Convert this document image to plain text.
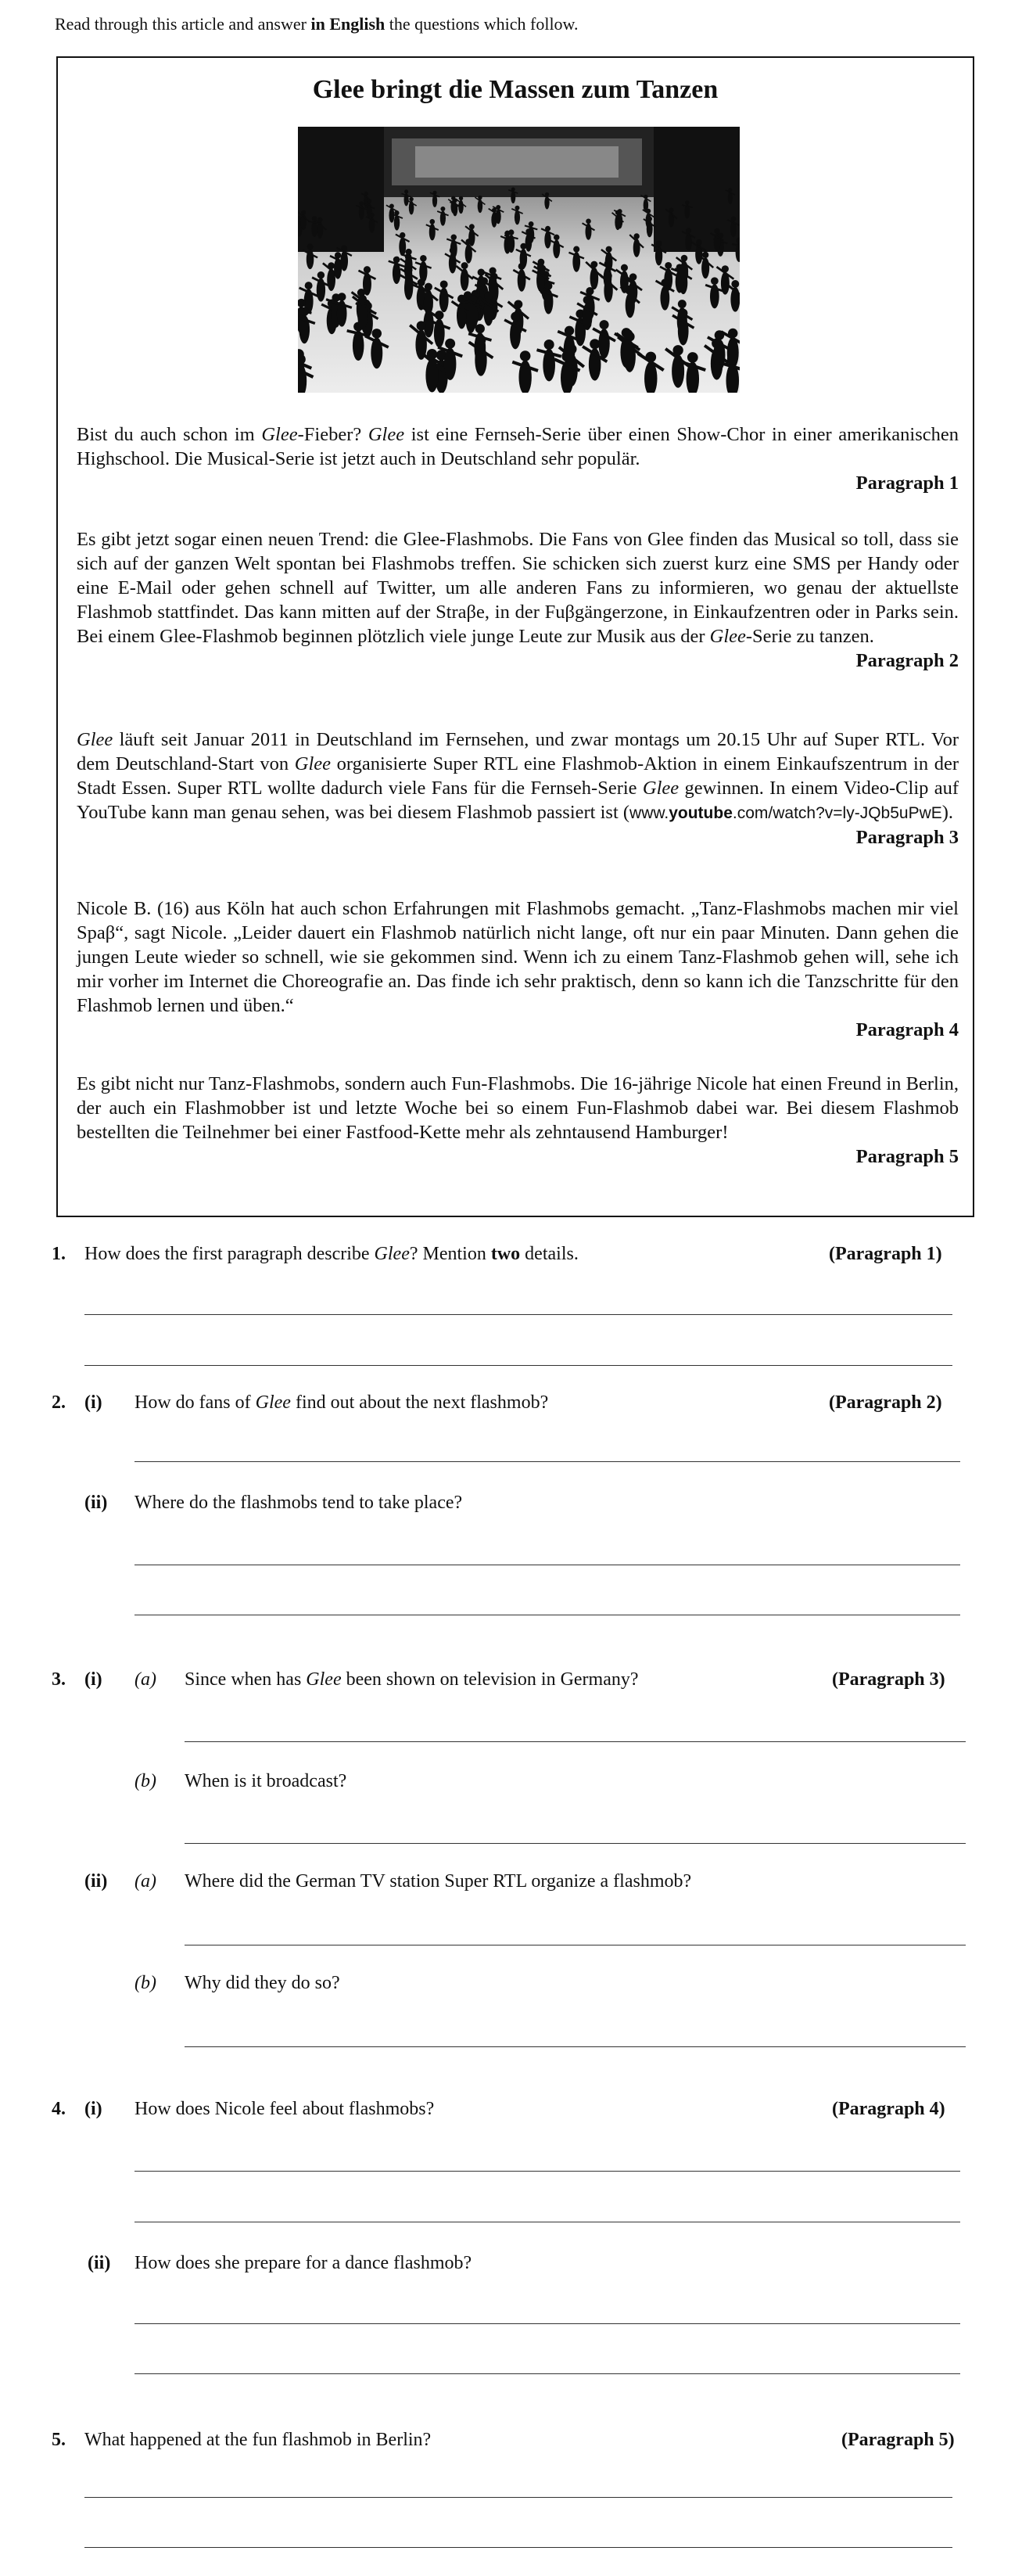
Read through this article and answer in English the questions which follow.
Glee bringt die Massen zum Tanzen

Bist du auch schon im Glee-Fieber? Glee ist eine Fernseh-Serie über einen Show-Chor in einer amerikanischen Highschool. Die Musical-Serie ist jetzt auch in Deutschland sehr populär.

Paragraph 1

Es gibt jetzt sogar einen neuen Trend: die Glee-Flashmobs. Die Fans von Glee finden das Musical so toll, dass sie sich auf der ganzen Welt spontan bei Flashmobs treffen. Sie schicken sich zuerst kurz eine SMS per Handy oder eine E-Mail oder gehen schnell auf Twitter, um alle anderen Fans zu informieren, wo genau der aktuellste Flashmob stattfindet. Das kann mitten auf der Straβe, in der Fuβgängerzone, in Einkaufzentren oder in Parks sein. Bei einem Glee-Flashmob beginnen plötzlich viele junge Leute zur Musik aus der Glee-Serie zu tanzen.

Paragraph 2

Glee läuft seit Januar 2011 in Deutschland im Fernsehen, und zwar montags um 20.15 Uhr auf Super RTL. Vor dem Deutschland-Start von Glee organisierte Super RTL eine Flashmob-Aktion in einem Einkaufszentrum in der Stadt Essen. Super RTL wollte dadurch viele Fans für die Fernseh-Serie Glee gewinnen. In einem Video-Clip auf YouTube kann man genau sehen, was bei diesem Flashmob passiert ist (www.youtube.com/watch?v=ly-JQb5uPwE).

Paragraph 3

Nicole B. (16) aus Köln hat auch schon Erfahrungen mit Flashmobs gemacht. „Tanz-Flashmobs machen mir viel Spaβ“, sagt Nicole. „Leider dauert ein Flashmob natürlich nicht lange, oft nur ein paar Minuten. Dann gehen die jungen Leute wieder so schnell, wie sie gekommen sind. Wenn ich zu einem Tanz-Flashmob gehen will, sehe ich mir vorher im Internet die Choreografie an. Das finde ich sehr praktisch, denn so kann ich die Tanzschritte für den Flashmob lernen und üben.“

Paragraph 4

Es gibt nicht nur Tanz-Flashmobs, sondern auch Fun-Flashmobs. Die 16-jährige Nicole hat einen Freund in Berlin, der auch ein Flashmobber ist und letzte Woche bei so einem Fun-Flashmob dabei war. Bei diesem Flashmob bestellten die Teilnehmer bei einer Fastfood-Kette mehr als zehntausend Hamburger!

Paragraph 5

1. How does the first paragraph describe Glee? Mention two details.	(Paragraph 1)
2. (i) How do fans of Glee find out about the next flashmob?	(Paragraph 2)
(ii) Where do the flashmobs tend to take place?
3. (i) (a) Since when has Glee been shown on television in Germany?	(Paragraph 3)
(b) When is it broadcast?
(ii) (a) Where did the German TV station Super RTL organize a flashmob?
(b) Why did they do so?
4. (i) How does Nicole feel about flashmobs?	(Paragraph 4)
(ii) How does she prepare for a dance flashmob?
5. What happened at the fun flashmob in Berlin?	(Paragraph 5)
